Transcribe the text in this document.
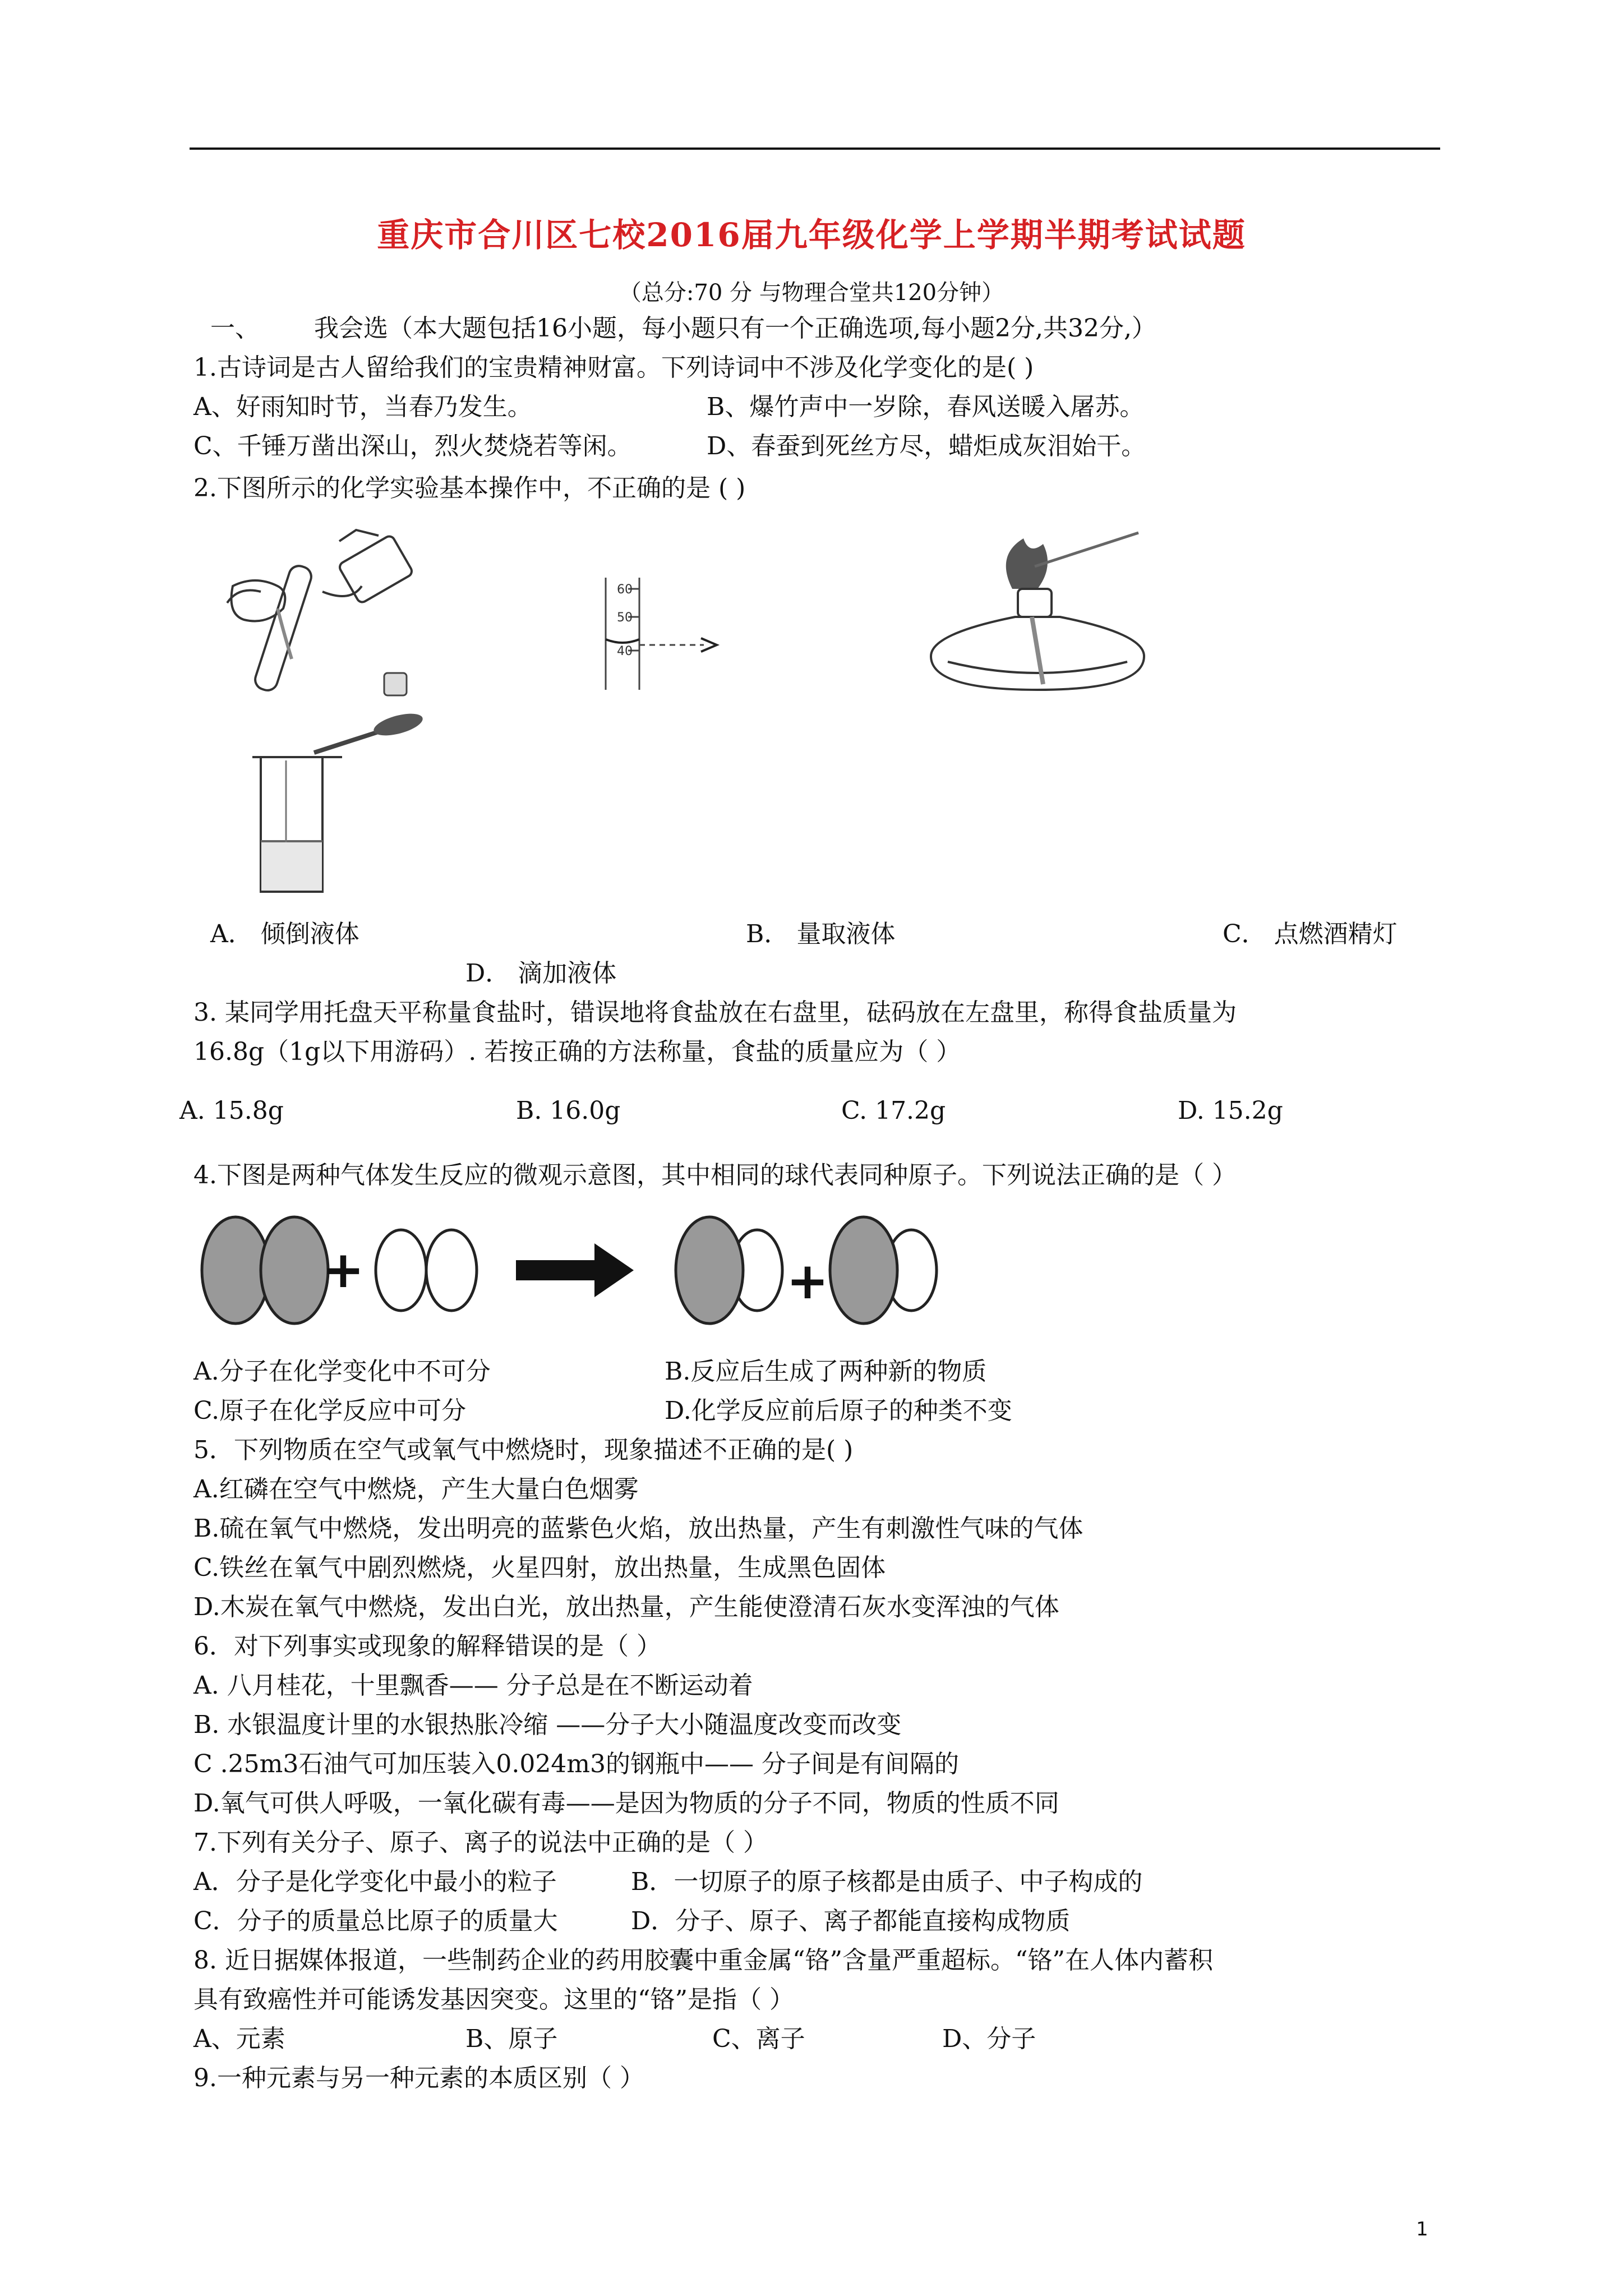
重庆市合川区七校2016届九年级化学上学期半期考试试题
（总分:70 分 与物理合堂共120分钟）
一、 我会选（本大题包括16小题，每小题只有一个正确选项,每小题2分,共32分,）
1.古诗词是古人留给我们的宝贵精神财富。下列诗词中不涉及化学变化的是( )
A、好雨知时节，当春乃发生。	B、爆竹声中一岁除，春风送暖入屠苏。
C、千锤万凿出深山，烈火焚烧若等闲。	D、春蚕到死丝方尽，蜡炬成灰泪始干。
2.下图所示的化学实验基本操作中，不正确的是 ( )
60
50
40
A． 倾倒液体	B． 量取液体	C． 点燃酒精灯
D． 滴加液体
3. 某同学用托盘天平称量食盐时，错误地将食盐放在右盘里，砝码放在左盘里，称得食盐质量为
16.8g（1g以下用游码）. 若按正确的方法称量，食盐的质量应为（ ）
A. 15.8g	B. 16.0g	C. 17.2g	D. 15.2g
4.下图是两种气体发生反应的微观示意图，其中相同的球代表同种原子。下列说法正确的是（ ）
+	+
A.分子在化学变化中不可分	B.反应后生成了两种新的物质
C.原子在化学反应中可分	D.化学反应前后原子的种类不变
5．下列物质在空气或氧气中燃烧时，现象描述不正确的是( )
A.红磷在空气中燃烧，产生大量白色烟雾
B.硫在氧气中燃烧，发出明亮的蓝紫色火焰，放出热量，产生有刺激性气味的气体
C.铁丝在氧气中剧烈燃烧，火星四射，放出热量，生成黑色固体
D.木炭在氧气中燃烧，发出白光，放出热量，产生能使澄清石灰水变浑浊的气体
6．对下列事实或现象的解释错误的是（ ）
A. 八月桂花，十里飘香—— 分子总是在不断运动着
B. 水银温度计里的水银热胀冷缩 ——分子大小随温度改变而改变
C .25m3石油气可加压装入0.024m3的钢瓶中—— 分子间是有间隔的
D.氧气可供人呼吸，一氧化碳有毒——是因为物质的分子不同，物质的性质不同
7.下列有关分子、原子、离子的说法中正确的是（ ）
A．分子是化学变化中最小的粒子	B．一切原子的原子核都是由质子、中子构成的
C．分子的质量总比原子的质量大	D．分子、原子、离子都能直接构成物质
8. 近日据媒体报道，一些制药企业的药用胶囊中重金属“铬”含量严重超标。“铬”在人体内蓄积
具有致癌性并可能诱发基因突变。这里的“铬”是指（ ）
A、元素	B、原子	C、离子	D、分子
9.一种元素与另一种元素的本质区别（ ）
1
